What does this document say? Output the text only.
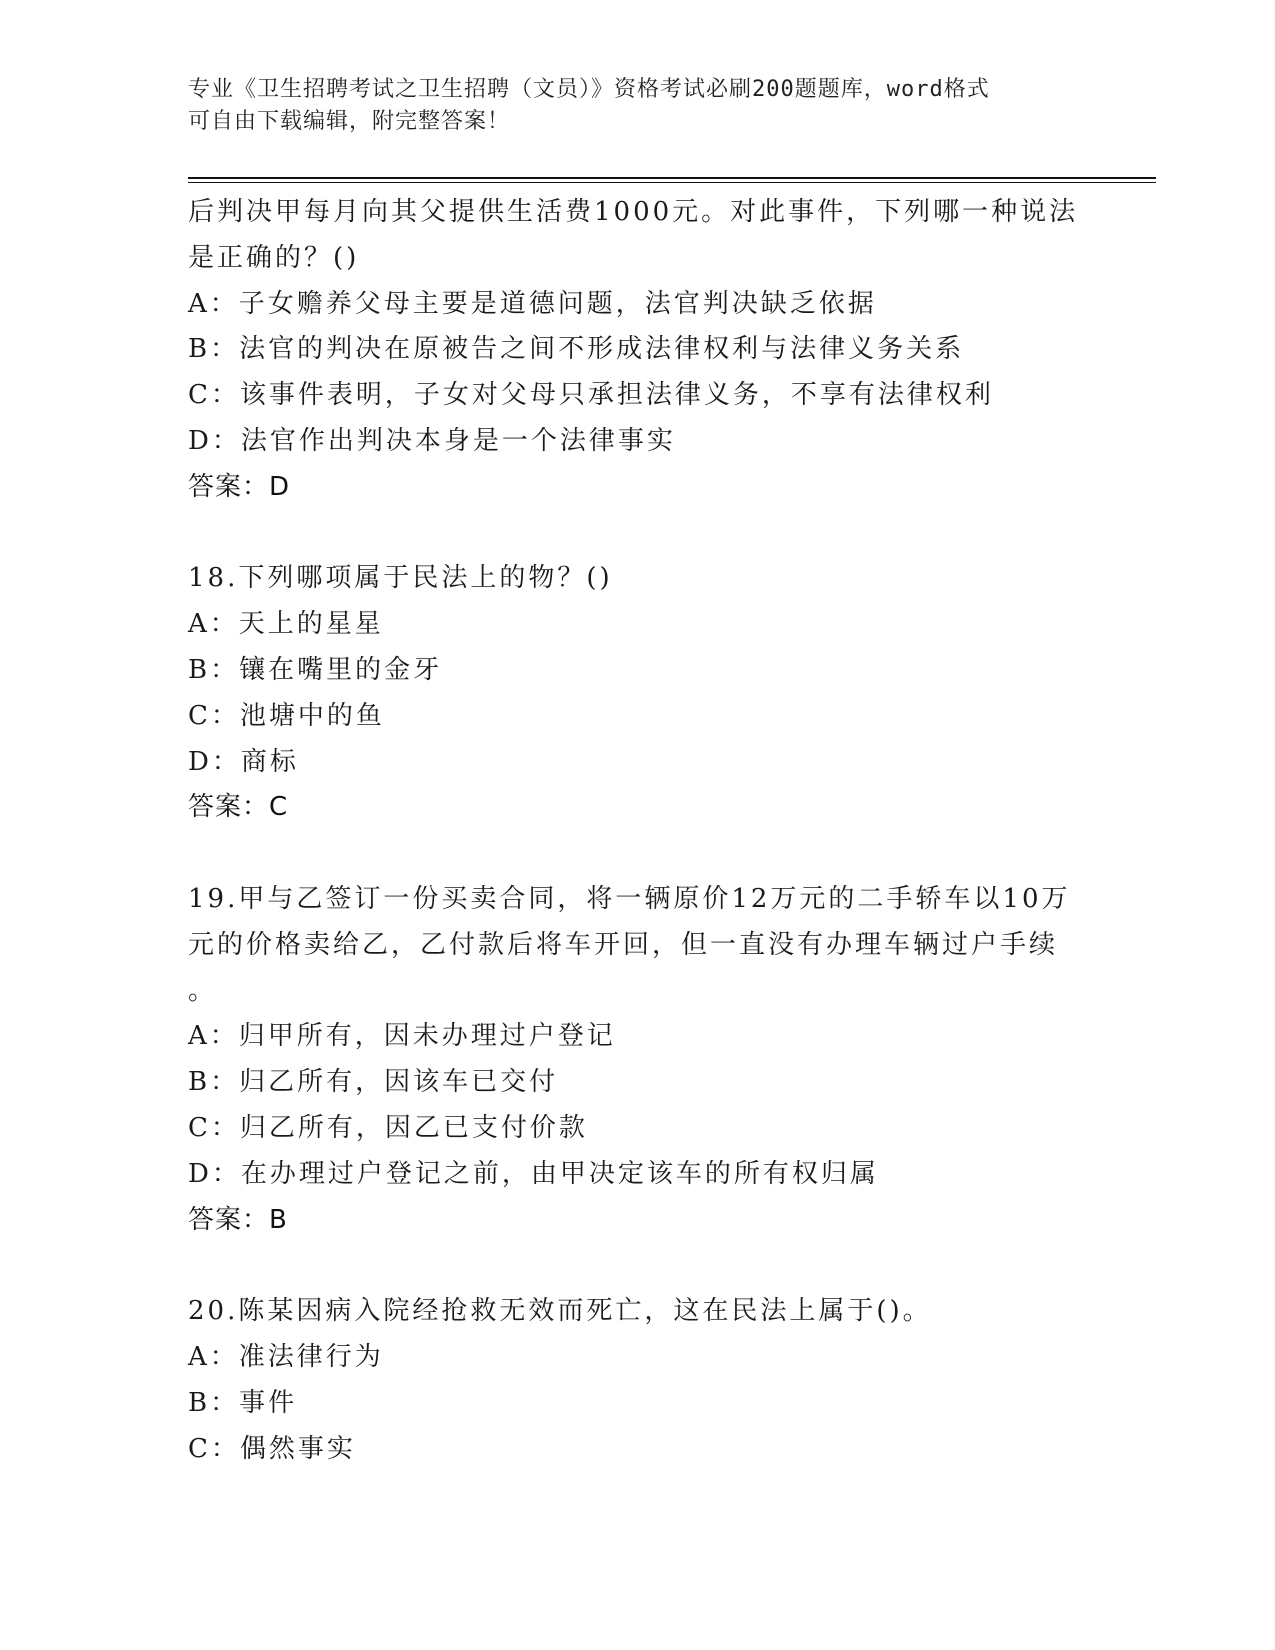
专业《卫生招聘考试之卫生招聘（文员）》资格考试必刷200题题库，word格式
可自由下载编辑，附完整答案！
后判决甲每月向其父提供生活费1000元。对此事件，下列哪一种说法
是正确的？()
A：子女赡养父母主要是道德问题，法官判决缺乏依据
B：法官的判决在原被告之间不形成法律权利与法律义务关系
C：该事件表明，子女对父母只承担法律义务，不享有法律权利
D：法官作出判决本身是一个法律事实
答案：D
18.下列哪项属于民法上的物？()
A：天上的星星
B：镶在嘴里的金牙
C：池塘中的鱼
D：商标
答案：C
19.甲与乙签订一份买卖合同，将一辆原价12万元的二手轿车以10万
元的价格卖给乙，乙付款后将车开回，但一直没有办理车辆过户手续
。
A：归甲所有，因未办理过户登记
B：归乙所有，因该车已交付
C：归乙所有，因乙已支付价款
D：在办理过户登记之前，由甲决定该车的所有权归属
答案：B
20.陈某因病入院经抢救无效而死亡，这在民法上属于()。
A：准法律行为
B：事件
C：偶然事实
